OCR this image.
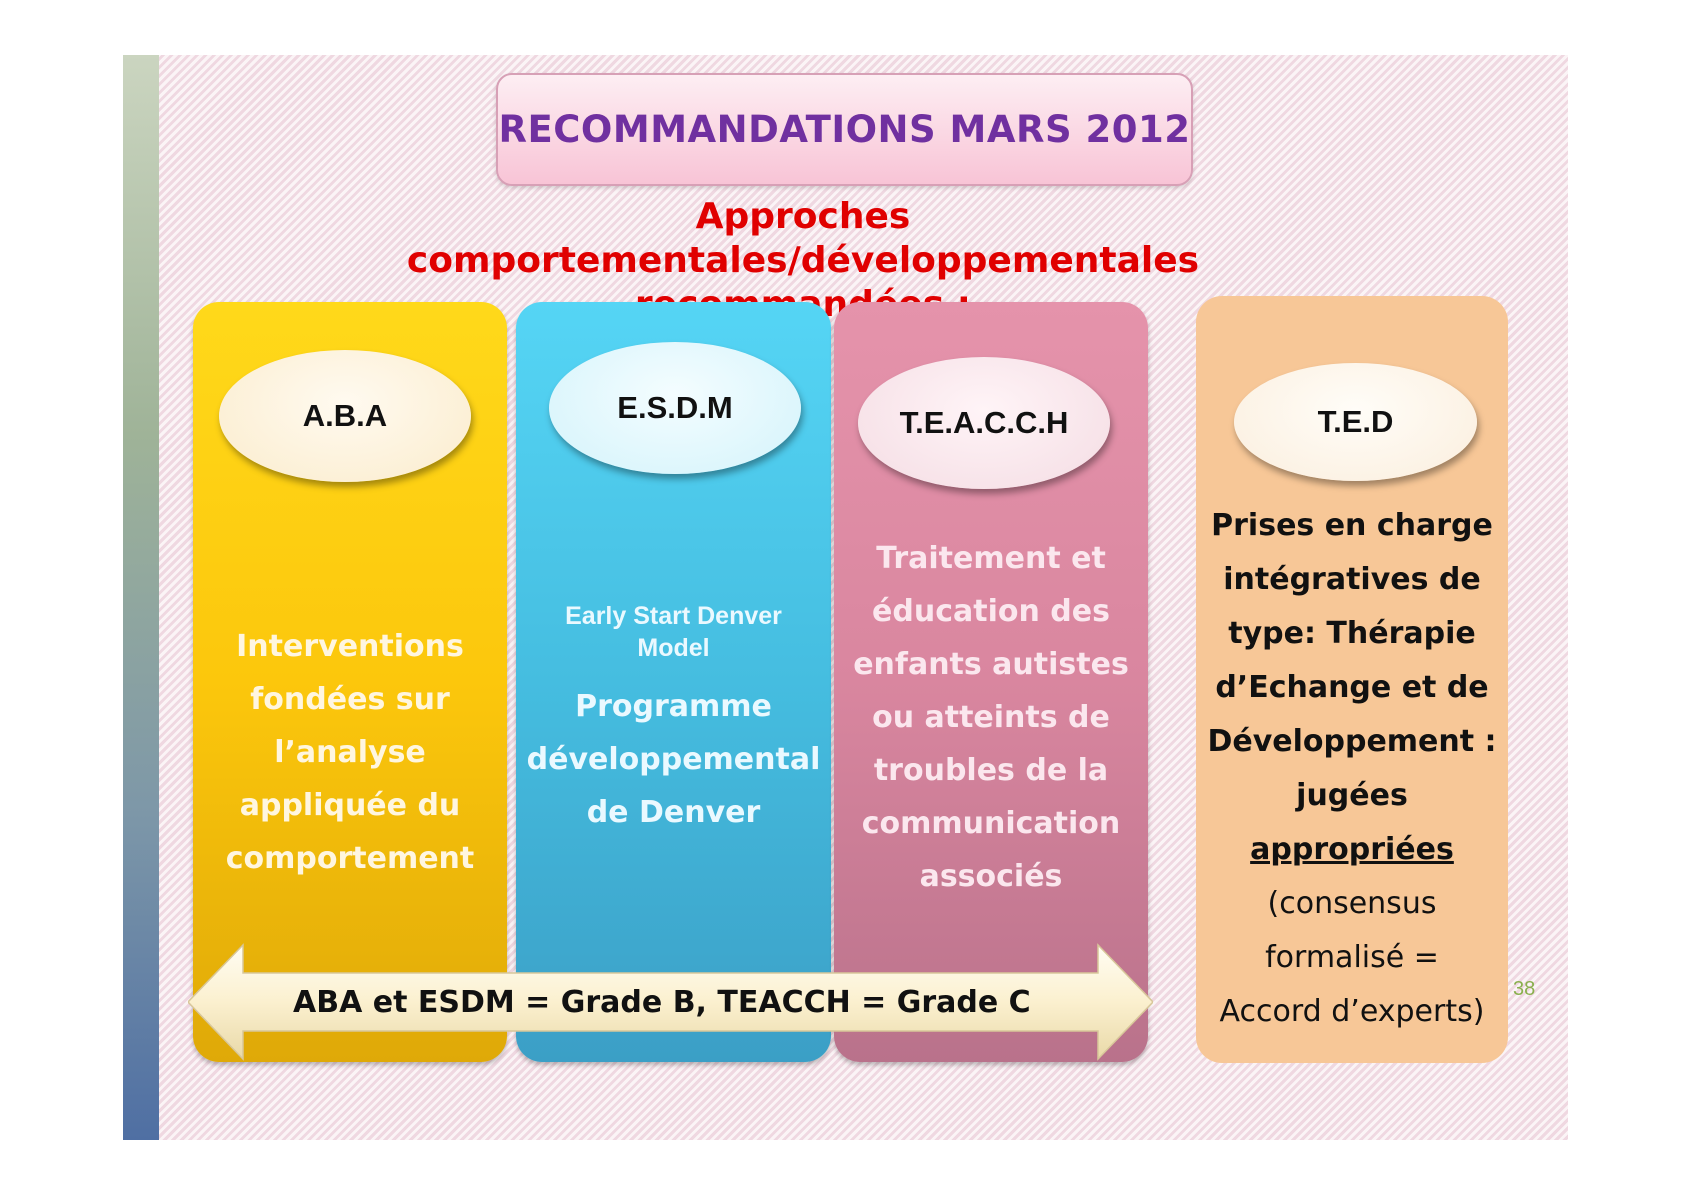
RECOMMANDATIONS MARS 2012
Approches comportementales/développementales
A.B.A
Interventions
fondées sur
l’analyse
appliquée du
comportement
E.S.D.M
Early Start Denver
Model
Programme
développemental
de Denver
T.E.A.C.C.H
Traitement et
éducation des
enfants autistes
ou atteints de
troubles de la
communication
associés
ABA et ESDM = Grade B, TEACCH = Grade C
T.E.D
Prises en charge
intégratives de
type: Thérapie
d’Echange et de
Développement :
jugées
appropriées
(consensus
formalisé =
Accord d’experts)
38
